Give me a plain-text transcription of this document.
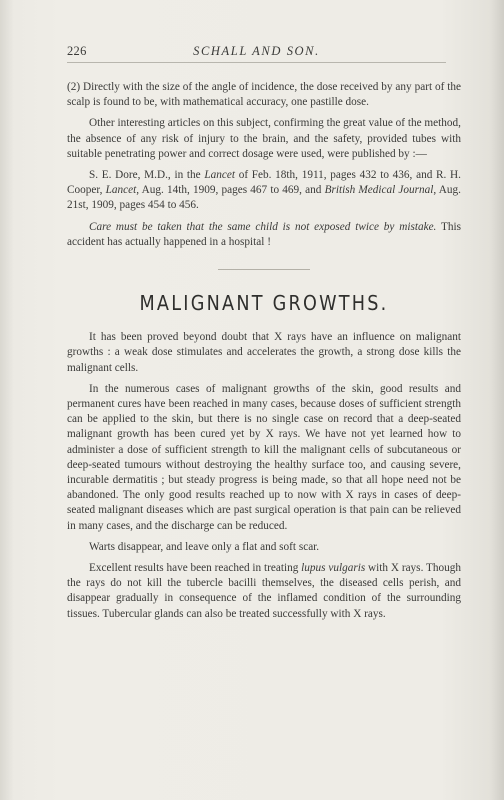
226	SCHALL AND SON.

(2) Directly with the size of the angle of incidence, the dose received by any part of the scalp is found to be, with mathematical accuracy, one pastille dose.

Other interesting articles on this subject, confirming the great value of the method, the absence of any risk of injury to the brain, and the safety, provided tubes with suitable penetrating power and correct dosage were used, were published by :—

S. E. Dore, M.D., in the Lancet of Feb. 18th, 1911, pages 432 to 436, and R. H. Cooper, Lancet, Aug. 14th, 1909, pages 467 to 469, and British Medical Journal, Aug. 21st, 1909, pages 454 to 456.

Care must be taken that the same child is not exposed twice by mistake. This accident has actually happened in a hospital !

MALIGNANT GROWTHS.

It has been proved beyond doubt that X rays have an influence on malignant growths : a weak dose stimulates and accelerates the growth, a strong dose kills the malignant cells.

In the numerous cases of malignant growths of the skin, good results and permanent cures have been reached in many cases, because doses of sufficient strength can be applied to the skin, but there is no single case on record that a deep-seated malignant growth has been cured yet by X rays. We have not yet learned how to administer a dose of sufficient strength to kill the malignant cells of subcutaneous or deep-seated tumours without destroying the healthy surface too, and causing severe, incurable dermatitis ; but steady progress is being made, so that all hope need not be abandoned. The only good results reached up to now with X rays in cases of deep-seated malignant diseases which are past surgical operation is that pain can be relieved in many cases, and the discharge can be reduced.

Warts disappear, and leave only a flat and soft scar.

Excellent results have been reached in treating lupus vulgaris with X rays. Though the rays do not kill the tubercle bacilli themselves, the diseased cells perish, and disappear gradually in consequence of the inflamed condition of the surrounding tissues. Tubercular glands can also be treated successfully with X rays.
